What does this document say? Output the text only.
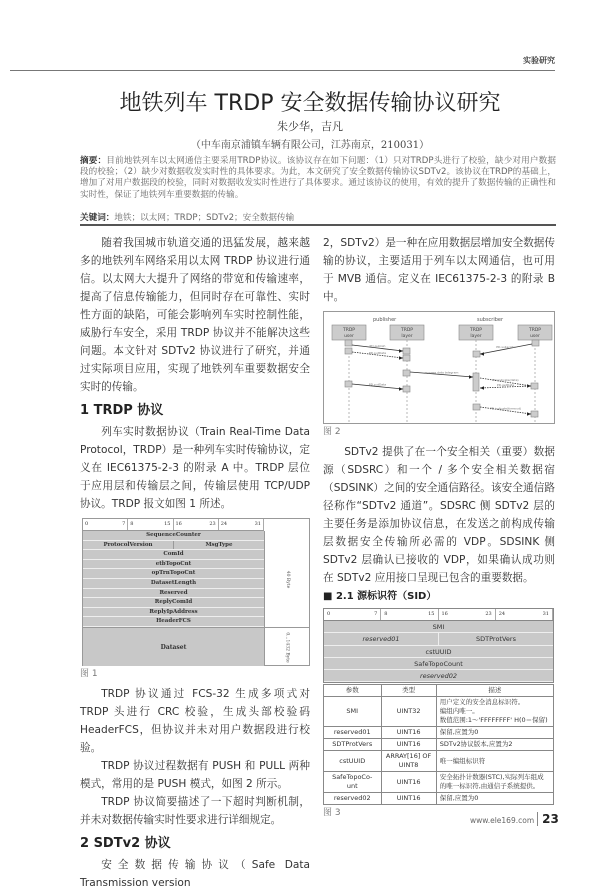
实验研究
地铁列车 TRDP 安全数据传输协议研究
朱少华，吉凡
（中车南京浦镇车辆有限公司，江苏南京，210031）
摘要：目前地铁列车以太网通信主要采用TRDP协议。该协议存在如下问题：（1）只对TRDP头进行了校验，缺少对用户数据段的校验；（2）缺少对数据收发实时性的具体要求。为此，本文研究了安全数据传输协议SDTv2。该协议在TRDP的基础上，增加了对用户数据段的校验，同时对数据收发实时性进行了具体要求。通过该协议的使用，有效的提升了数据传输的正确性和实时性，保证了地铁列车重要数据的传输。
关键词：地铁；以太网；TRDP；SDTv2；安全数据传输

随着我国城市轨道交通的迅猛发展，越来越多的地铁列车网络采用以太网 TRDP 协议进行通信。以太网大大提升了网络的带宽和传输速率，提高了信息传输能力，但同时存在可靠性、实时性方面的缺陷，可能会影响列车实时控制性能，威胁行车安全，采用 TRDP 协议并不能解决这些问题。本文针对 SDTv2 协议进行了研究，并通过实际项目应用，实现了地铁列车重要数据安全实时的传输。

1 TRDP 协议

列车实时数据协议（Train Real-Time Data Protocol，TRDP）是一种列车实时传输协议，定义在 IEC61375-2-3 的附录 A 中。TRDP 层位于应用层和传输层之间，传输层使用 TCP/UDP 协议。TRDP 报文如图 1 所述。

0	7 8	15 16	23 24	31
SequenceCounter
ProtocolVersion	MsgType
ComId
etbTopoCnt
opTrnTopoCnt
DatasetLength
Reserved
ReplyComId
ReplyIpAddress
HeaderFCS
Dataset
40 Byte
0...1432 Byte
图 1

TRDP 协议通过 FCS-32 生成多项式对 TRDP 头进行 CRC 校验，生成头部校验码 HeaderFCS，但协议并未对用户数据段进行校验。

TRDP 协议过程数据有 PUSH 和 PULL 两种模式，常用的是 PUSH 模式，如图 2 所示。

TRDP 协议简要描述了一下超时判断机制，并未对数据传输实时性要求进行详细规定。

2 SDTv2 协议

安全数据传输协议（Safe Data Transmission version

2，SDTv2）是一种在应用数据层增加安全数据传输的协议，主要适用于列车以太网通信，也可用于 MVB 通信。定义在 IEC61375-2-3 的附录 B 中。

publisher	subscriber
TRDP
user
TRDP
layer
TRDP
layer
TRDP
user
PD.publish
PD.putData
PD.subscribe
process data telegram
PD.indicate(data)
PD.getData
PD.putData
PD.indicate(timeout)
图 2

SDTv2 提供了在一个安全相关（重要）数据源（SDSRC）和一个 / 多个安全相关数据宿（SDSINK）之间的安全通信路径。该安全通信路径称作“SDTv2 通道”。SDSRC 侧 SDTv2 层的主要任务是添加协议信息，在发送之前构成传输层数据安全传输所必需的 VDP。SDSINK 侧 SDTv2 层确认已接收的 VDP，如果确认成功则在 SDTv2 应用接口呈现已包含的重要数据。

■ 2.1 源标识符（SID）
0	7 8	15 16	23 24	31
SMI
reserved01	SDTProtVers
cstUUID
SafeTopoCount
reserved02
参数	类型	描述
SMI	UINT32	用户定义的安全消息标识符。
编组内唯一。
数值范围:1～'FFFFFFFF' H(0＝保留)

reserved01	UINT16	保留,应置为0

SDTProtVers	UINT16	SDTv2协议版本,应置为2

cstUUID	ARRAY[16] OF UINT8	唯一编组标识符

SafeTopoCo-unt	UINT16	安全拓扑计数器(STC),实际列车组成的唯一标识符,由通信子系统提供。

reserved02	UINT16	保留,应置为0
图 3
www.ele169.com 23
